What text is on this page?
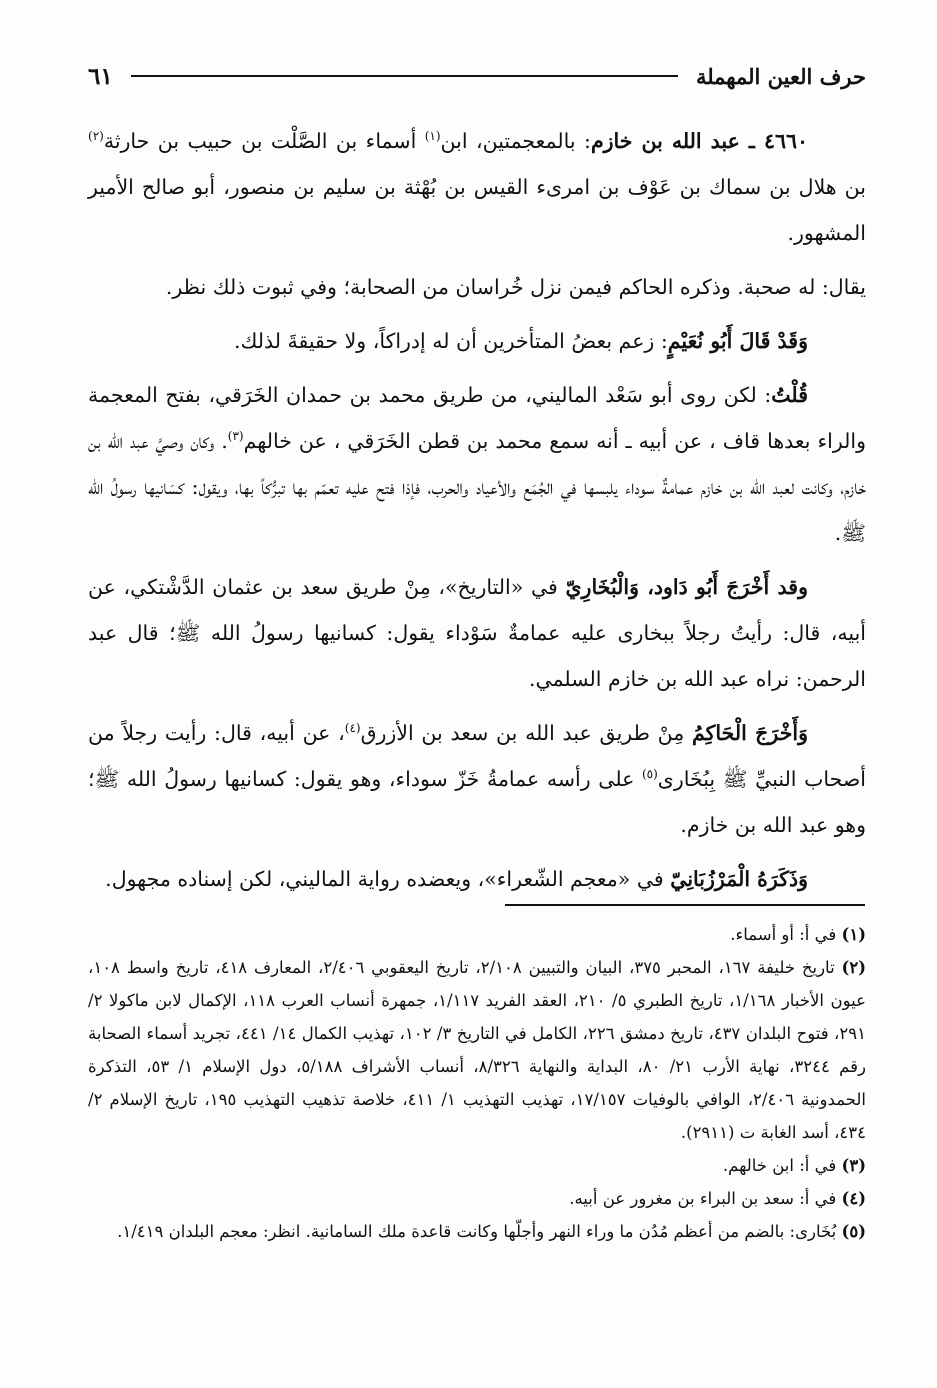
حرف العين المهملة
٦١

٤٦٦٠ ـ عبد الله بن خازم: بالمعجمتين، ابن$^{(١)}$ أسماء بن الصَّلْت بن حبيب بن حارثة$^{(٢)}$ بن هلال بن سماك بن عَوْف بن امرىء القيس بن بُهْثة بن سليم بن منصور، أبو صالح الأمير المشهور.

يقال: له صحبة. وذكره الحاكم فيمن نزل خُراسان من الصحابة؛ وفي ثبوت ذلك نظر.

وَقَدْ قَالَ أَبُو نُعَيْمٍ: زعم بعضُ المتأخرين أن له إدراكاً، ولا حقيقةَ لذلك.

قُلْتُ: لكن روى أبو سَعْد الماليني، من طريق محمد بن حمدان الخَرَقي، بفتح المعجمة والراء بعدها قاف ، عن أبيه ـ أنه سمع محمد بن قطن الخَرَقي ، عن خالهم$^{(٣)}$. وكان وصيَّ عبد الله بن خازم، وكانت لعبد الله بن خازم عمامةٌ سوداء يلبسها في الجُمَع والأعياد والحرب، فإذا فتح عليه تعمّم بها تبرُّكاً بها، ويقول: كسَانيها رسولُ الله ﷺ.

وقد أَخْرَجَ أَبُو دَاود، وَالْبُخَارِيّ في «التاريخ»، مِنْ طريق سعد بن عثمان الدَّشْتكي، عن أبيه، قال: رأيتُ رجلاً ببخارى عليه عمامةٌ سَوْداء يقول: كسانيها رسولُ الله ﷺ؛ قال عبد الرحمن: نراه عبد الله بن خازم السلمي.

وَأَخْرَجَ الْحَاكِمُ مِنْ طريق عبد الله بن سعد بن الأزرق$^{(٤)}$، عن أبيه، قال: رأيت رجلاً من أصحاب النبيِّ ﷺ بِبُخَارى$^{(٥)}$ على رأسه عمامةُ خَزّ سوداء، وهو يقول: كسانيها رسولُ الله ﷺ؛ وهو عبد الله بن خازم.

وَذَكَرَهُ الْمَرْزُبَانِيّ في «معجم الشّعراء»، ويعضده رواية الماليني، لكن إسناده مجهول.

(١) في أ: أو أسماء.

(٢) تاريخ خليفة ١٦٧، المحبر ٣٧٥، البيان والتبيين ٢/١٠٨، تاريخ اليعقوبي ٢/٤٠٦، المعارف ٤١٨، تاريخ واسط ١٠٨، عيون الأخبار ١/١٦٨، تاريخ الطبري ٥/ ٢١٠، العقد الفريد ١/١١٧، جمهرة أنساب العرب ١١٨، الإكمال لابن ماكولا ٢/ ٢٩١، فتوح البلدان ٤٣٧، تاريخ دمشق ٢٢٦، الكامل في التاريخ ٣/ ١٠٢، تهذيب الكمال ١٤/ ٤٤١، تجريد أسماء الصحابة رقم ٣٢٤٤، نهاية الأرب ٢١/ ٨٠، البداية والنهاية ٨/٣٢٦، أنساب الأشراف ٥/١٨٨، دول الإسلام ١/ ٥٣، التذكرة الحمدونية ٢/٤٠٦، الوافي بالوفيات ١٧/١٥٧، تهذيب التهذيب ١/ ٤١١، خلاصة تذهيب التهذيب ١٩٥، تاريخ الإسلام ٢/ ٤٣٤، أسد الغابة ت (٢٩١١).

(٣) في أ: ابن خالهم.

(٤) في أ: سعد بن البراء بن مغرور عن أبيه.

(٥) بُخَارى: بالضم من أعظم مُدُن ما وراء النهر وأجلّها وكانت قاعدة ملك السامانية. انظر: معجم البلدان ١/٤١٩.
